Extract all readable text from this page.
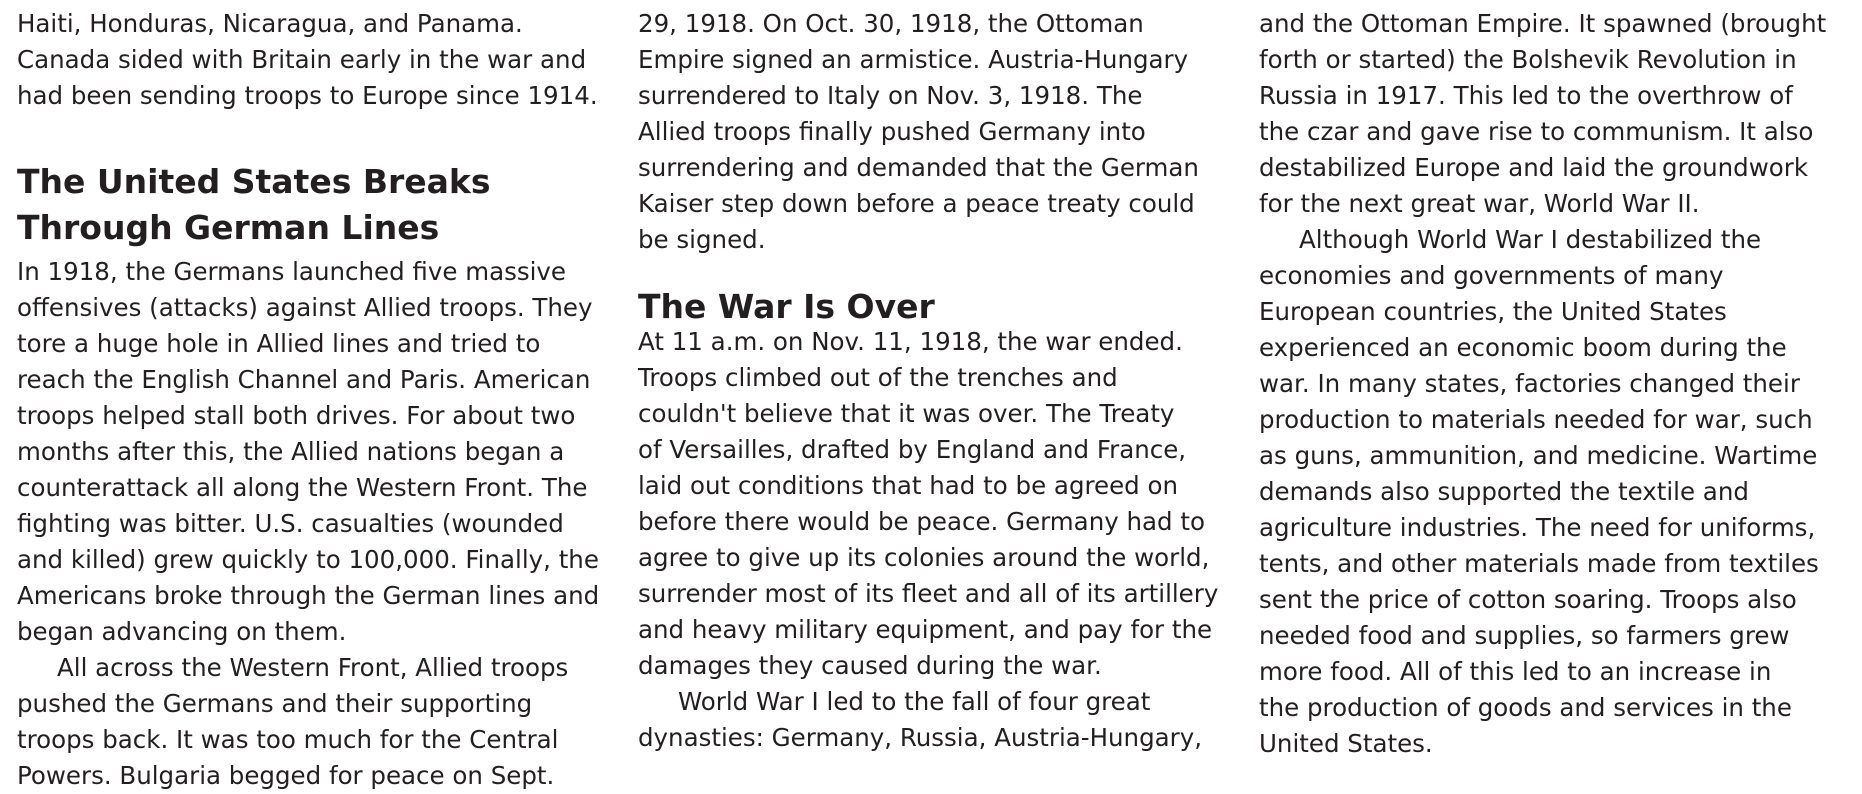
Haiti, Honduras, Nicaragua, and Panama.
Canada sided with Britain early in the war and
had been sending troops to Europe since 1914.
The United States Breaks
Through German Lines
In 1918, the Germans launched five massive
offensives (attacks) against Allied troops. They
tore a huge hole in Allied lines and tried to
reach the English Channel and Paris. American
troops helped stall both drives. For about two
months after this, the Allied nations began a
counterattack all along the Western Front. The
fighting was bitter. U.S. casualties (wounded
and killed) grew quickly to 100,000. Finally, the
Americans broke through the German lines and
began advancing on them.
All across the Western Front, Allied troops
pushed the Germans and their supporting
troops back. It was too much for the Central
Powers. Bulgaria begged for peace on Sept.
29, 1918. On Oct. 30, 1918, the Ottoman
Empire signed an armistice. Austria-Hungary
surrendered to Italy on Nov. 3, 1918. The
Allied troops finally pushed Germany into
surrendering and demanded that the German
Kaiser step down before a peace treaty could
be signed.
The War Is Over
At 11 a.m. on Nov. 11, 1918, the war ended.
Troops climbed out of the trenches and
couldn't believe that it was over. The Treaty
of Versailles, drafted by England and France,
laid out conditions that had to be agreed on
before there would be peace. Germany had to
agree to give up its colonies around the world,
surrender most of its fleet and all of its artillery
and heavy military equipment, and pay for the
damages they caused during the war.
World War I led to the fall of four great
dynasties: Germany, Russia, Austria-Hungary,
and the Ottoman Empire. It spawned (brought
forth or started) the Bolshevik Revolution in
Russia in 1917. This led to the overthrow of
the czar and gave rise to communism. It also
destabilized Europe and laid the groundwork
for the next great war, World War II.
Although World War I destabilized the
economies and governments of many
European countries, the United States
experienced an economic boom during the
war. In many states, factories changed their
production to materials needed for war, such
as guns, ammunition, and medicine. Wartime
demands also supported the textile and
agriculture industries. The need for uniforms,
tents, and other materials made from textiles
sent the price of cotton soaring. Troops also
needed food and supplies, so farmers grew
more food. All of this led to an increase in
the production of goods and services in the
United States.
